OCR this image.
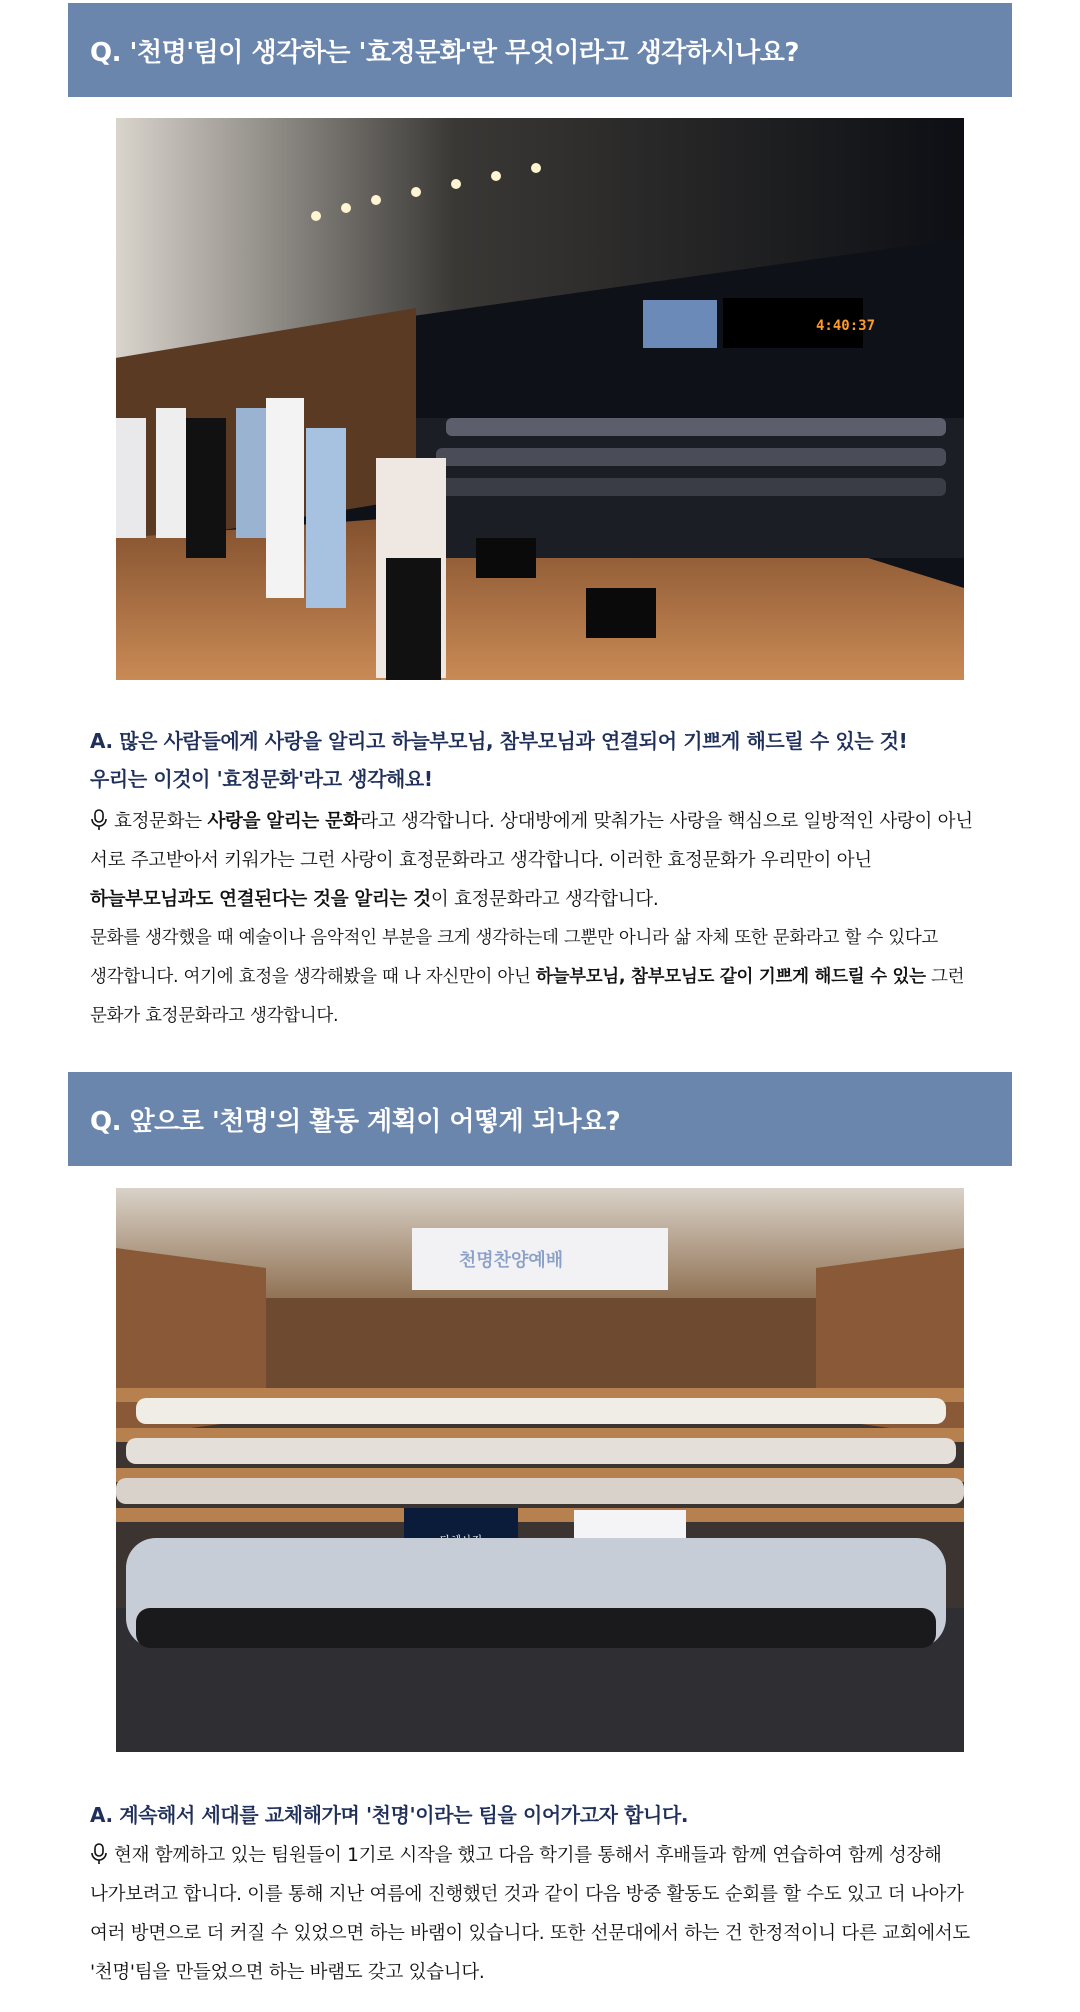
Q. '천명'팀이 생각하는 '효정문화'란 무엇이라고 생각하시나요?
4:40:37

A. 많은 사람들에게 사랑을 알리고 하늘부모님, 참부모님과 연결되어 기쁘게 해드릴 수 있는 것!
우리는 이것이 '효정문화'라고 생각해요!

효정문화는 사랑을 알리는 문화라고 생각합니다. 상대방에게 맞춰가는 사랑을 핵심으로 일방적인 사랑이 아닌 서로 주고받아서 키워가는 그런 사랑이 효정문화라고 생각합니다. 이러한 효정문화가 우리만이 아닌 하늘부모님과도 연결된다는 것을 알리는 것이 효정문화라고 생각합니다.

문화를 생각했을 때 예술이나 음악적인 부분을 크게 생각하는데 그뿐만 아니라 삶 자체 또한 문화라고 할 수 있다고 생각합니다. 여기에 효정을 생각해봤을 때 나 자신만이 아닌 하늘부모님, 참부모님도 같이 기쁘게 해드릴 수 있는 그런 문화가 효정문화라고 생각합니다.

Q. 앞으로 '천명'의 활동 계획이 어떻게 되나요?
천명찬양예배

A. 계속해서 세대를 교체해가며 '천명'이라는 팀을 이어가고자 합니다.

현재 함께하고 있는 팀원들이 1기로 시작을 했고 다음 학기를 통해서 후배들과 함께 연습하여 함께 성장해 나가보려고 합니다. 이를 통해 지난 여름에 진행했던 것과 같이 다음 방중 활동도 순회를 할 수도 있고 더 나아가 여러 방면으로 더 커질 수 있었으면 하는 바램이 있습니다. 또한 선문대에서 하는 건 한정적이니 다른 교회에서도 '천명'팀을 만들었으면 하는 바램도 갖고 있습니다.
